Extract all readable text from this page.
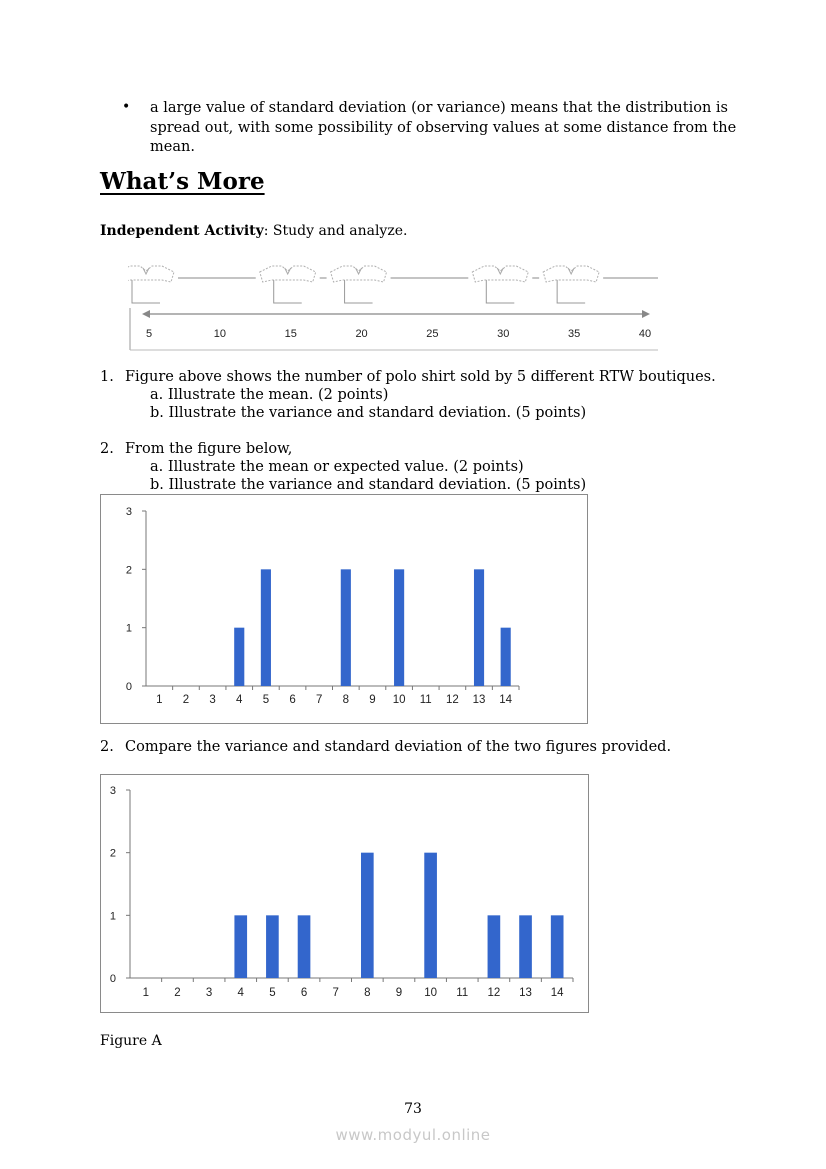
• a large value of standard deviation (or variance) means that the distribution is spread out, with some possibility of observing values at some distance from the mean.
What’s More
Independent Activity: Study and analyze.
5	10	15	20	25	30	35	40
1. Figure above shows the number of polo shirt sold by 5 different RTW boutiques.
a. Illustrate the mean. (2 points)
b. Illustrate the variance and standard deviation. (5 points)
2. From the figure below,
a. Illustrate the mean or expected value. (2 points)
b. Illustrate the variance and standard deviation. (5 points)
0
1
2
3
1 2 3 4 5 6 7 8 9 10 11 12 13 14
2. Compare the variance and standard deviation of the two figures provided.
0
1
2
3
1 2 3 4 5 6 7 8 9 10 11 12 13 14
Figure A
73
www.modyul.online
